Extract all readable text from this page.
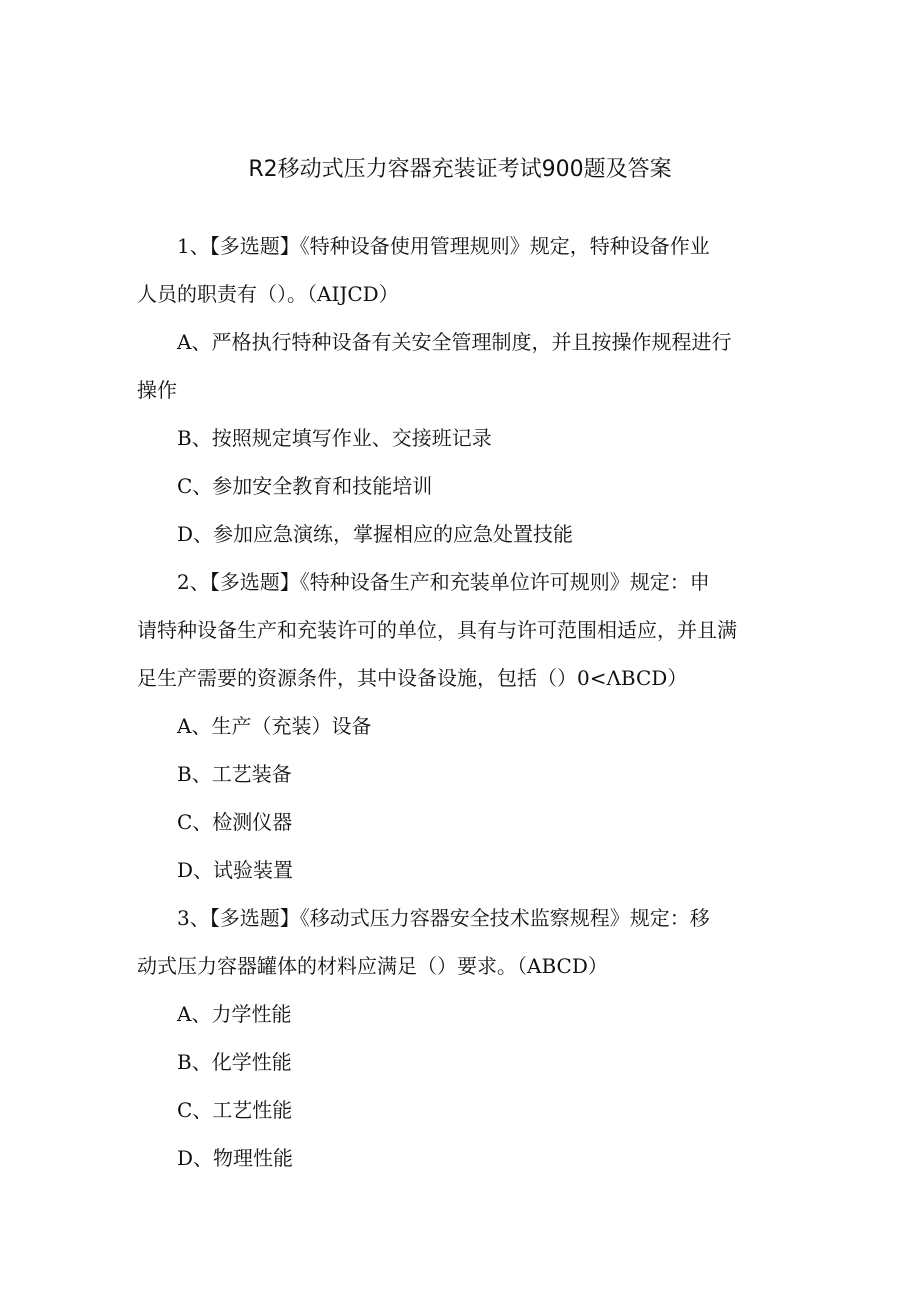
R2移动式压力容器充装证考试900题及答案
1、【多选题】《特种设备使用管理规则》规定，特种设备作业
人员的职责有（）。（AIJCD）
A、严格执行特种设备有关安全管理制度，并且按操作规程进行
操作
B、按照规定填写作业、交接班记录
C、参加安全教育和技能培训
D、参加应急演练，掌握相应的应急处置技能
2、【多选题】《特种设备生产和充装单位许可规则》规定：申
请特种设备生产和充装许可的单位，具有与许可范围相适应，并且满
足生产需要的资源条件，其中设备设施，包括（）0<ΛBCD）
A、生产（充装）设备
B、工艺装备
C、检测仪器
D、试验装置
3、【多选题】《移动式压力容器安全技术监察规程》规定：移
动式压力容器罐体的材料应满足（）要求。（ABCD）
A、力学性能
B、化学性能
C、工艺性能
D、物理性能
